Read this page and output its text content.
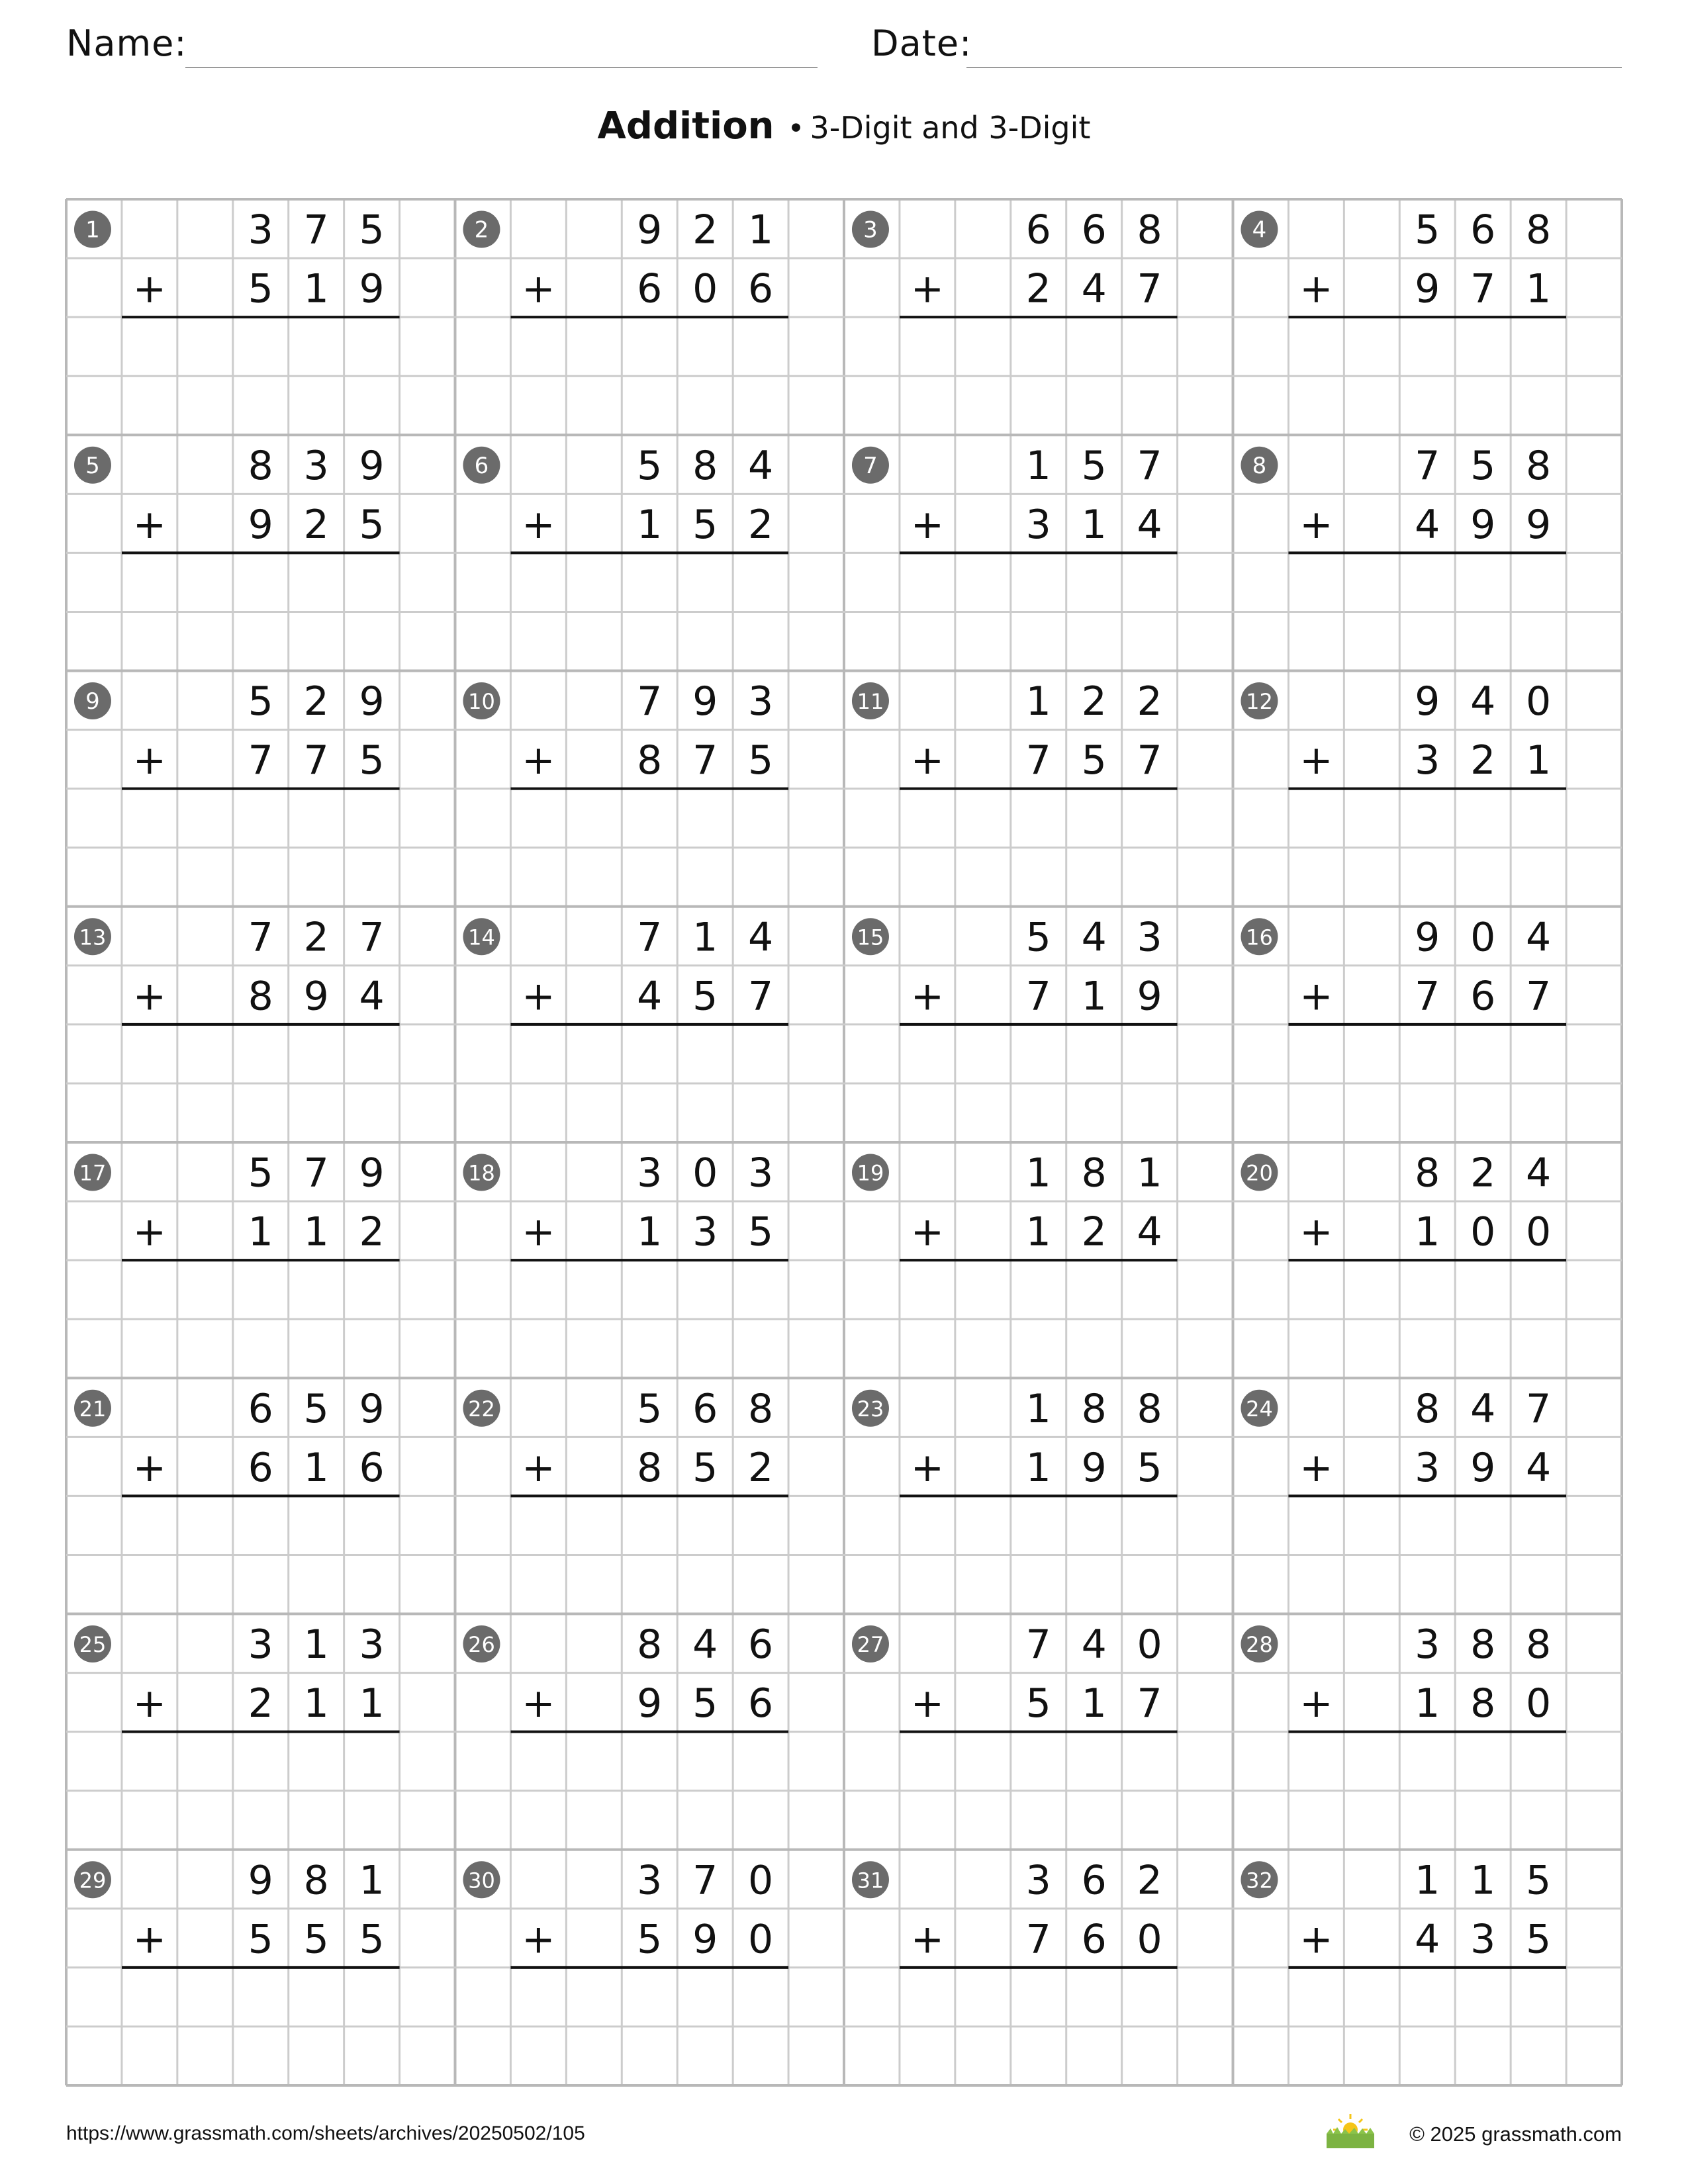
Name:	Date:
Addition • 3-Digit and 3-Digit
1	3 7 5
+ 5 1 9
2	9 2 1
+ 6 0 6
3	6 6 8
+ 2 4 7
4	5 6 8
+ 9 7 1
5	8 3 9
+ 9 2 5
6	5 8 4
+ 1 5 2
7	1 5 7
+ 3 1 4
8	7 5 8
+ 4 9 9
9	5 2 9
+ 7 7 5
10	7 9 3
+ 8 7 5
11	1 2 2
+ 7 5 7
12	9 4 0
+ 3 2 1
13	7 2 7
+ 8 9 4
14	7 1 4
+ 4 5 7
15	5 4 3
+ 7 1 9
16	9 0 4
+ 7 6 7
17	5 7 9
+ 1 1 2
18	3 0 3
+ 1 3 5
19	1 8 1
+ 1 2 4
20	8 2 4
+ 1 0 0
21	6 5 9
+ 6 1 6
22	5 6 8
+ 8 5 2
23	1 8 8
+ 1 9 5
24	8 4 7
+ 3 9 4
25	3 1 3
+ 2 1 1
26	8 4 6
+ 9 5 6
27	7 4 0
+ 5 1 7
28	3 8 8
+ 1 8 0
29	9 8 1
+ 5 5 5
30	3 7 0
+ 5 9 0
31	3 6 2
+ 7 6 0
32	1 1 5
+ 4 3 5
https://www.grassmath.com/sheets/archives/20250502/105	© 2025 grassmath.com
